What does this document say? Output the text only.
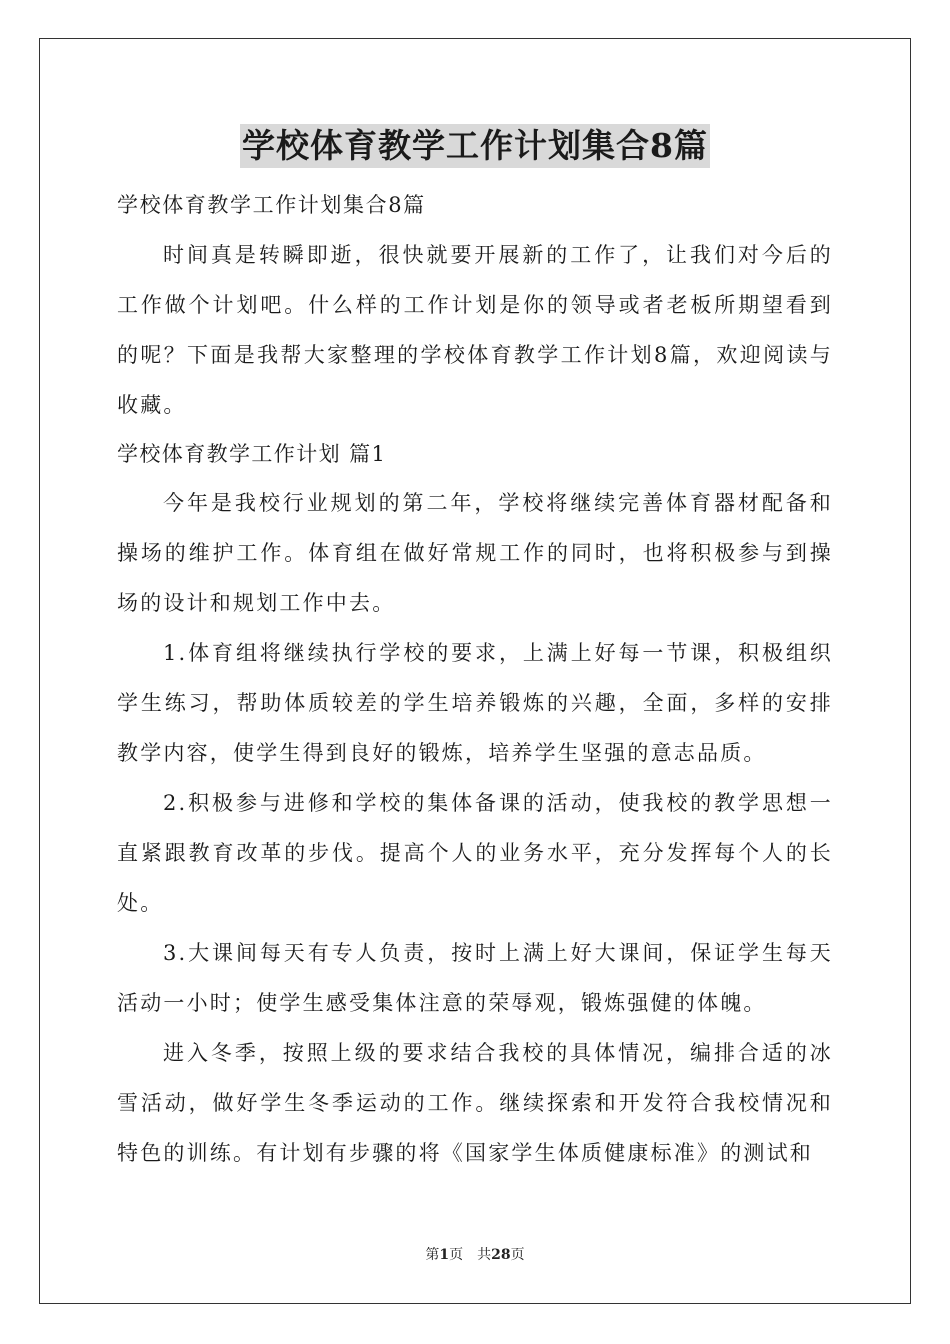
学校体育教学工作计划集合8篇

学校体育教学工作计划集合8篇

时间真是转瞬即逝，很快就要开展新的工作了，让我们对今后的工作做个计划吧。什么样的工作计划是你的领导或者老板所期望看到的呢？下面是我帮大家整理的学校体育教学工作计划8篇，欢迎阅读与收藏。

学校体育教学工作计划 篇1

今年是我校行业规划的第二年，学校将继续完善体育器材配备和操场的维护工作。体育组在做好常规工作的同时，也将积极参与到操场的设计和规划工作中去。

1.体育组将继续执行学校的要求，上满上好每一节课，积极组织学生练习，帮助体质较差的学生培养锻炼的兴趣，全面，多样的安排教学内容，使学生得到良好的锻炼，培养学生坚强的意志品质。

2.积极参与进修和学校的集体备课的活动，使我校的教学思想一直紧跟教育改革的步伐。提高个人的业务水平，充分发挥每个人的长处。

3.大课间每天有专人负责，按时上满上好大课间，保证学生每天活动一小时；使学生感受集体注意的荣辱观，锻炼强健的体魄。

进入冬季，按照上级的要求结合我校的具体情况，编排合适的冰雪活动，做好学生冬季运动的工作。继续探索和开发符合我校情况和特色的训练。有计划有步骤的将《国家学生体质健康标准》的测试和

第1页　共28页
